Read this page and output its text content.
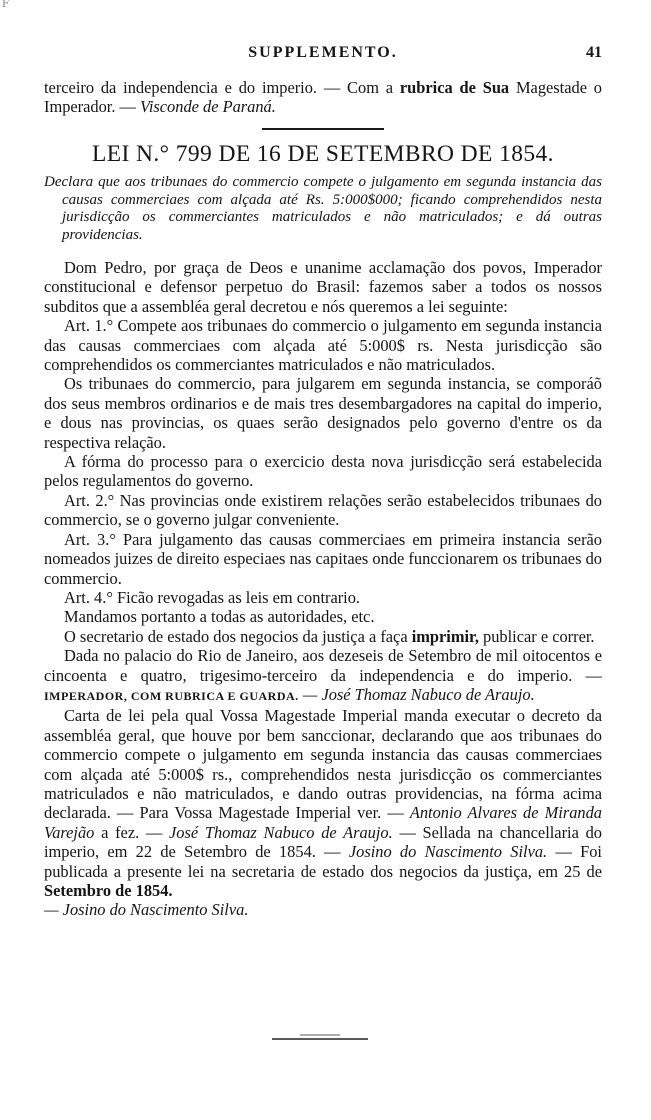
F
SUPPLEMENTO.	41

terceiro da independencia e do imperio. — Com a rubrica de Sua Magestade o Imperador. — Visconde de Paraná.

LEI N.° 799 DE 16 DE SETEMBRO DE 1854.
Declara que aos tribunaes do commercio compete o julgamento em segunda instancia das causas commerciaes com alçada até Rs. 5:000$000; ficando comprehendidos nesta jurisdicção os commerciantes matriculados e não matriculados; e dá outras providencias.

Dom Pedro, por graça de Deos e unanime acclamação dos povos, Imperador constitucional e defensor perpetuo do Brasil: fazemos saber a todos os nossos subditos que a assembléa geral decretou e nós queremos a lei seguinte:

Art. 1.° Compete aos tribunaes do commercio o julgamento em segunda instancia das causas commerciaes com alçada até 5:000$ rs. Nesta jurisdicção são comprehendidos os commerciantes matriculados e não matriculados.

Os tribunaes do commercio, para julgarem em segunda instancia, se comporáõ dos seus membros ordinarios e de mais tres desembargadores na capital do imperio, e dous nas provincias, os quaes serão designados pelo governo d'entre os da respectiva relação.

A fórma do processo para o exercicio desta nova jurisdicção será estabelecida pelos regulamentos do governo.

Art. 2.° Nas provincias onde existirem relações serão estabelecidos tribunaes do commercio, se o governo julgar conveniente.

Art. 3.° Para julgamento das causas commerciaes em primeira instancia serão nomeados juizes de direito especiaes nas capitaes onde funccionarem os tribunaes do commercio.

Art. 4.° Ficão revogadas as leis em contrario.

Mandamos portanto a todas as autoridades, etc.

O secretario de estado dos negocios da justiça a faça imprimir, publicar e correr.

Dada no palacio do Rio de Janeiro, aos dezeseis de Setembro de mil oitocentos e cincoenta e quatro, trigesimo-terceiro da independencia e do imperio. — IMPERADOR, COM RUBRICA E GUARDA. — José Thomaz Nabuco de Araujo.

Carta de lei pela qual Vossa Magestade Imperial manda executar o decreto da assembléa geral, que houve por bem sanccionar, declarando que aos tribunaes do commercio compete o julgamento em segunda instancia das causas commerciaes com alçada até 5:000$ rs., comprehendidos nesta jurisdicção os commerciantes matriculados e não matriculados, e dando outras providencias, na fórma acima declarada. — Para Vossa Magestade Imperial ver. — Antonio Alvares de Miranda Varejão a fez. — José Thomaz Nabuco de Araujo. — Sellada na chancellaria do imperio, em 22 de Setembro de 1854. — Josino do Nascimento Silva. — Foi publicada a presente lei na secretaria de estado dos negocios da justiça, em 25 de Setembro de 1854.

— Josino do Nascimento Silva.
